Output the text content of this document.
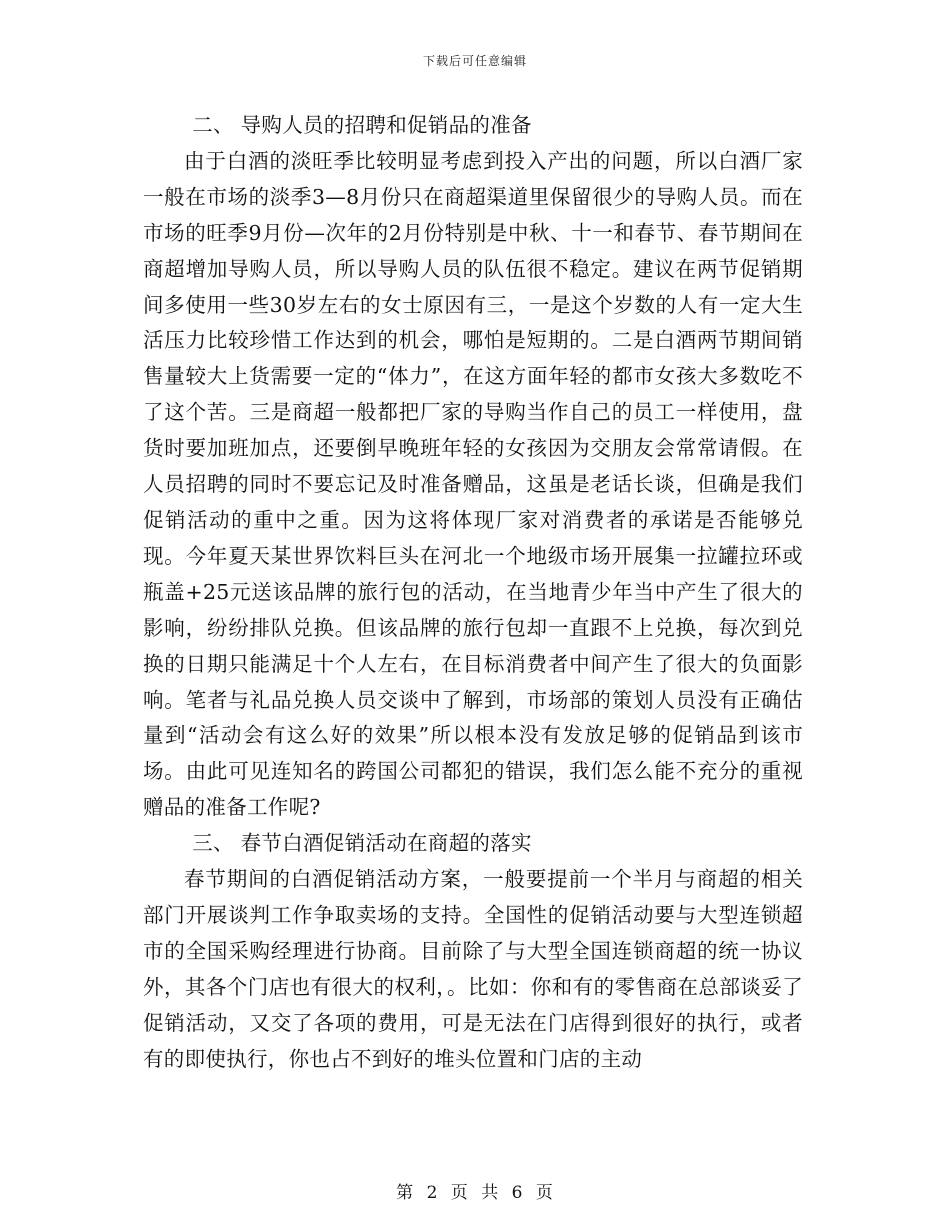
下载后可任意编辑

二、 导购人员的招聘和促销品的准备

由于白酒的淡旺季比较明显考虑到投入产出的问题，所以白酒厂家一般在市场的淡季3—8月份只在商超渠道里保留很少的导购人员。而在市场的旺季9月份—次年的2月份特别是中秋、十一和春节、春节期间在商超增加导购人员，所以导购人员的队伍很不稳定。建议在两节促销期间多使用一些30岁左右的女士原因有三，一是这个岁数的人有一定大生活压力比较珍惜工作达到的机会，哪怕是短期的。二是白酒两节期间销售量较大上货需要一定的“体力”，在这方面年轻的都市女孩大多数吃不了这个苦。三是商超一般都把厂家的导购当作自己的员工一样使用，盘货时要加班加点，还要倒早晚班年轻的女孩因为交朋友会常常请假。在人员招聘的同时不要忘记及时准备赠品，这虽是老话长谈，但确是我们促销活动的重中之重。因为这将体现厂家对消费者的承诺是否能够兑现。今年夏天某世界饮料巨头在河北一个地级市场开展集一拉罐拉环或瓶盖+25元送该品牌的旅行包的活动，在当地青少年当中产生了很大的影响，纷纷排队兑换。但该品牌的旅行包却一直跟不上兑换，每次到兑换的日期只能满足十个人左右，在目标消费者中间产生了很大的负面影响。笔者与礼品兑换人员交谈中了解到，市场部的策划人员没有正确估量到“活动会有这么好的效果”所以根本没有发放足够的促销品到该市场。由此可见连知名的跨国公司都犯的错误，我们怎么能不充分的重视赠品的准备工作呢?

三、 春节白酒促销活动在商超的落实

春节期间的白酒促销活动方案，一般要提前一个半月与商超的相关部门开展谈判工作争取卖场的支持。全国性的促销活动要与大型连锁超市的全国采购经理进行协商。目前除了与大型全国连锁商超的统一协议外，其各个门店也有很大的权利，。比如：你和有的零售商在总部谈妥了促销活动，又交了各项的费用，可是无法在门店得到很好的执行，或者有的即使执行，你也占不到好的堆头位置和门店的主动

第 2 页 共 6 页
